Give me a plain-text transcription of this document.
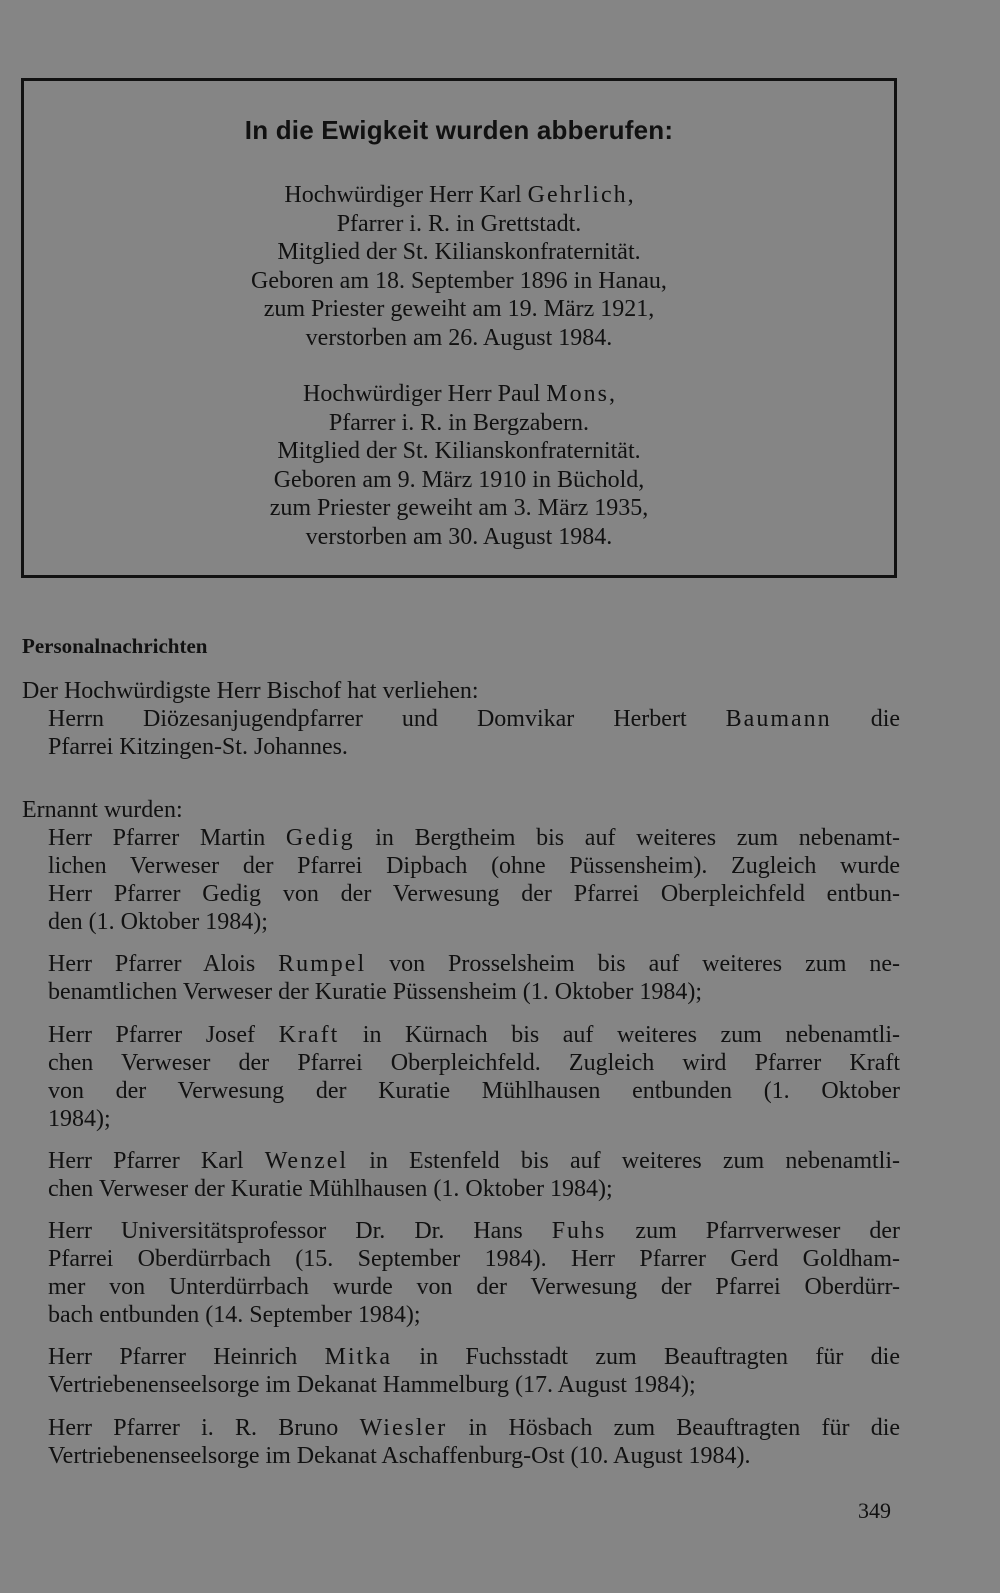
In die Ewigkeit wurden abberufen:
Hochwürdiger Herr Karl Gehrlich,
Pfarrer i. R. in Grettstadt.
Mitglied der St. Kilianskonfraternität.
Geboren am 18. September 1896 in Hanau,
zum Priester geweiht am 19. März 1921,
verstorben am 26. August 1984.
Hochwürdiger Herr Paul Mons,
Pfarrer i. R. in Bergzabern.
Mitglied der St. Kilianskonfraternität.
Geboren am 9. März 1910 in Büchold,
zum Priester geweiht am 3. März 1935,
verstorben am 30. August 1984.
Personalnachrichten
Der Hochwürdigste Herr Bischof hat verliehen:
Herrn Diözesanjugendpfarrer und Domvikar Herbert Baumann die
Pfarrei Kitzingen-St. Johannes.
Ernannt wurden:
Herr Pfarrer Martin Gedig in Bergtheim bis auf weiteres zum nebenamt-
lichen Verweser der Pfarrei Dipbach (ohne Püssensheim). Zugleich wurde
Herr Pfarrer Gedig von der Verwesung der Pfarrei Oberpleichfeld entbun-
den (1. Oktober 1984);
Herr Pfarrer Alois Rumpel von Prosselsheim bis auf weiteres zum ne-
benamtlichen Verweser der Kuratie Püssensheim (1. Oktober 1984);
Herr Pfarrer Josef Kraft in Kürnach bis auf weiteres zum nebenamtli-
chen Verweser der Pfarrei Oberpleichfeld. Zugleich wird Pfarrer Kraft
von der Verwesung der Kuratie Mühlhausen entbunden (1. Oktober
1984);
Herr Pfarrer Karl Wenzel in Estenfeld bis auf weiteres zum nebenamtli-
chen Verweser der Kuratie Mühlhausen (1. Oktober 1984);
Herr Universitätsprofessor Dr. Dr. Hans Fuhs zum Pfarrverweser der
Pfarrei Oberdürrbach (15. September 1984). Herr Pfarrer Gerd Goldham-
mer von Unterdürrbach wurde von der Verwesung der Pfarrei Oberdürr-
bach entbunden (14. September 1984);
Herr Pfarrer Heinrich Mitka in Fuchsstadt zum Beauftragten für die
Vertriebenenseelsorge im Dekanat Hammelburg (17. August 1984);
Herr Pfarrer i. R. Bruno Wiesler in Hösbach zum Beauftragten für die
Vertriebenenseelsorge im Dekanat Aschaffenburg-Ost (10. August 1984).
349
